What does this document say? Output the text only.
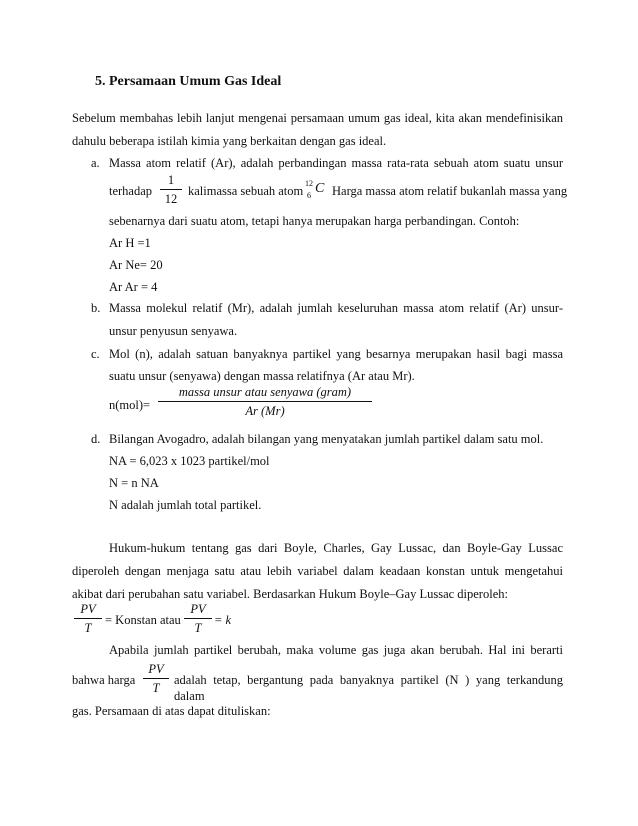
5. Persamaan Umum Gas Ideal
Sebelum membahas lebih lanjut mengenai persamaan umum gas ideal, kita akan mendefinisikan
dahulu beberapa istilah kimia yang berkaitan dengan gas ideal.
a. Massa atom relatif (Ar), adalah perbandingan massa rata-rata sebuah atom suatu unsur
terhadap
1
12
kalimassa sebuah atom
12
6 C Harga massa atom relatif bukanlah massa yang
sebenarnya dari suatu atom, tetapi hanya merupakan harga perbandingan. Contoh:
Ar H =1
Ar Ne= 20
Ar Ar = 4
b. Massa molekul relatif (Mr), adalah jumlah keseluruhan massa atom relatif (Ar) unsur-
unsur penyusun senyawa.
c. Mol (n), adalah satuan banyaknya partikel yang besarnya merupakan hasil bagi massa
suatu unsur (senyawa) dengan massa relatifnya (Ar atau Mr).
n(mol)=
massa unsur atau senyawa (gram)
Ar (Mr)
d. Bilangan Avogadro, adalah bilangan yang menyatakan jumlah partikel dalam satu mol.
NA = 6,023 x 1023 partikel/mol
N = n NA
N adalah jumlah total partikel.
Hukum-hukum tentang gas dari Boyle, Charles, Gay Lussac, dan Boyle-Gay Lussac
diperoleh dengan menjaga satu atau lebih variabel dalam keadaan konstan untuk mengetahui
akibat dari perubahan satu variabel. Berdasarkan Hukum Boyle–Gay Lussac diperoleh:
PV
T
= Konstan atau
PV
T
= k
Apabila jumlah partikel berubah, maka volume gas juga akan berubah. Hal ini berarti
bahwa harga
PV
T
adalah tetap, bergantung pada banyaknya partikel (N ) yang terkandung dalam
gas. Persamaan di atas dapat dituliskan:
